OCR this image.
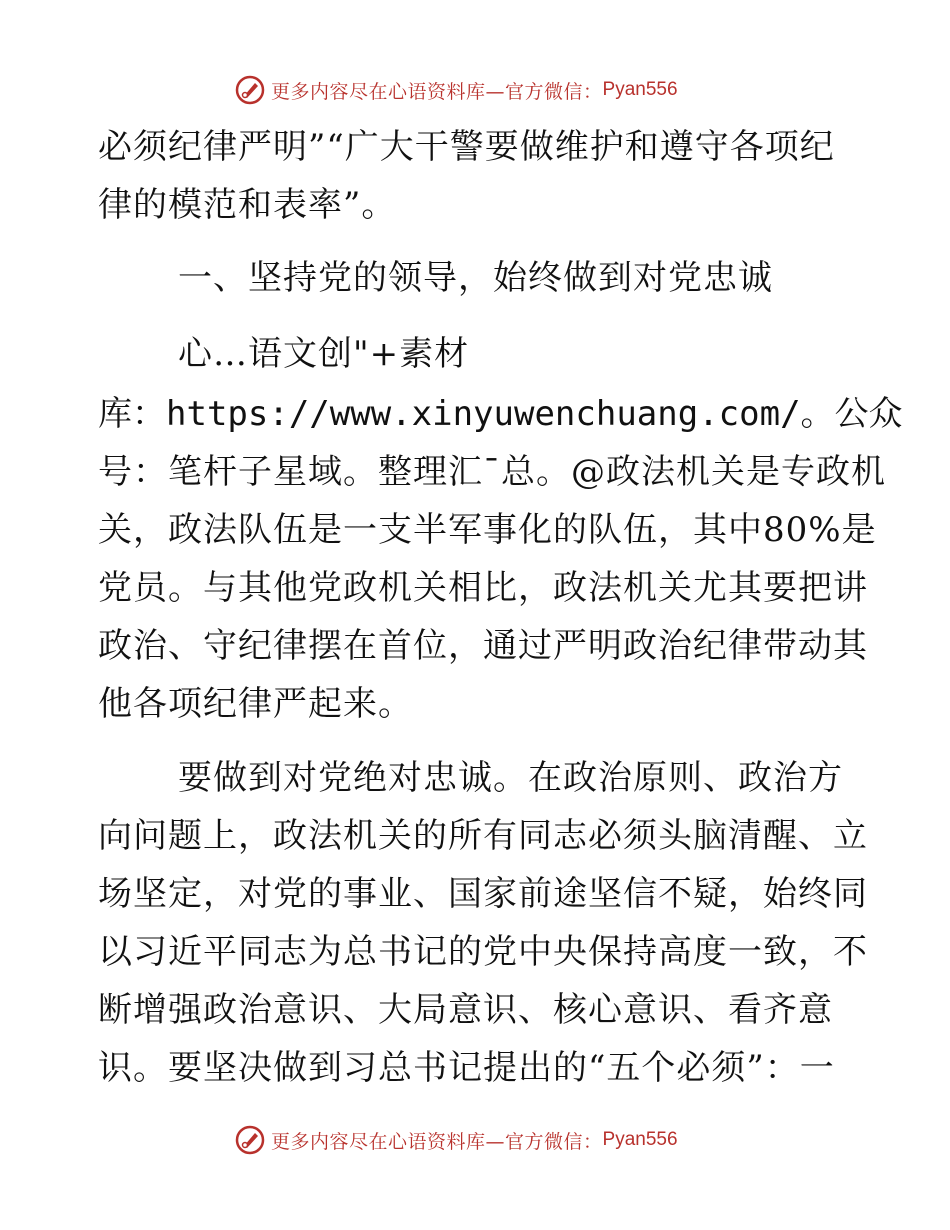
更多内容尽在心语资料库—官方微信： Pyan556
必须纪律严明”“广大干警要做维护和遵守各项纪
律的模范和表率”。
一、坚持党的领导，始终做到对党忠诚
心…语文创"+素材
库：https://www.xinyuwenchuang.com/。公众
号：笔杆子星域。整理汇¯总。@政法机关是专政机
关，政法队伍是一支半军事化的队伍，其中80%是
党员。与其他党政机关相比，政法机关尤其要把讲
政治、守纪律摆在首位，通过严明政治纪律带动其
他各项纪律严起来。
要做到对党绝对忠诚。在政治原则、政治方
向问题上，政法机关的所有同志必须头脑清醒、立
场坚定，对党的事业、国家前途坚信不疑，始终同
以习近平同志为总书记的党中央保持高度一致，不
断增强政治意识、大局意识、核心意识、看齐意
识。要坚决做到习总书记提出的“五个必须”：一
更多内容尽在心语资料库—官方微信： Pyan556
